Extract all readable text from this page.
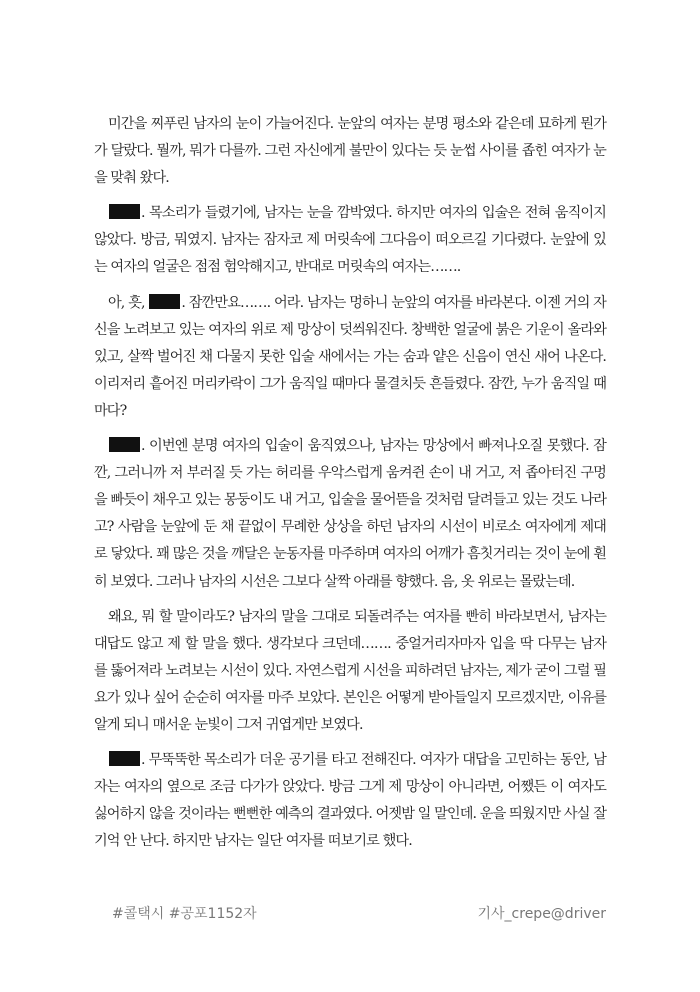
미간을 찌푸린 남자의 눈이 가늘어진다. 눈앞의 여자는 분명 평소와 같은데 묘하게 뭔가가 달랐다. 뭘까, 뭐가 다를까. 그런 자신에게 불만이 있다는 듯 눈썹 사이를 좁힌 여자가 눈을 맞춰 왔다.

. 목소리가 들렸기에, 남자는 눈을 깜박였다. 하지만 여자의 입술은 전혀 움직이지 않았다. 방금, 뭐였지. 남자는 잠자코 제 머릿속에 그다음이 떠오르길 기다렸다. 눈앞에 있는 여자의 얼굴은 점점 험악해지고, 반대로 머릿속의 여자는…….

아, 흣, . 잠깐만요……. 어라. 남자는 멍하니 눈앞의 여자를 바라본다. 이젠 거의 자신을 노려보고 있는 여자의 위로 제 망상이 덧씌워진다. 창백한 얼굴에 붉은 기운이 올라와 있고, 살짝 벌어진 채 다물지 못한 입술 새에서는 가는 숨과 얕은 신음이 연신 새어 나온다. 이리저리 흩어진 머리카락이 그가 움직일 때마다 물결치듯 흔들렸다. 잠깐, 누가 움직일 때마다?

. 이번엔 분명 여자의 입술이 움직였으나, 남자는 망상에서 빠져나오질 못했다. 잠깐, 그러니까 저 부러질 듯 가는 허리를 우악스럽게 움켜쥔 손이 내 거고, 저 좁아터진 구멍을 빠듯이 채우고 있는 몽둥이도 내 거고, 입술을 물어뜯을 것처럼 달려들고 있는 것도 나라고? 사람을 눈앞에 둔 채 끝없이 무례한 상상을 하던 남자의 시선이 비로소 여자에게 제대로 닿았다. 꽤 많은 것을 깨달은 눈동자를 마주하며 여자의 어깨가 흠칫거리는 것이 눈에 훤히 보였다. 그러나 남자의 시선은 그보다 살짝 아래를 향했다. 음, 옷 위로는 몰랐는데.

왜요, 뭐 할 말이라도? 남자의 말을 그대로 되돌려주는 여자를 빤히 바라보면서, 남자는 대답도 않고 제 할 말을 했다. 생각보다 크던데……. 중얼거리자마자 입을 딱 다무는 남자를 뚫어져라 노려보는 시선이 있다. 자연스럽게 시선을 피하려던 남자는, 제가 굳이 그럴 필요가 있나 싶어 순순히 여자를 마주 보았다. 본인은 어떻게 받아들일지 모르겠지만, 이유를 알게 되니 매서운 눈빛이 그저 귀엽게만 보였다.

. 무뚝뚝한 목소리가 더운 공기를 타고 전해진다. 여자가 대답을 고민하는 동안, 남자는 여자의 옆으로 조금 다가가 앉았다. 방금 그게 제 망상이 아니라면, 어쨌든 이 여자도 싫어하지 않을 것이라는 뻔뻔한 예측의 결과였다. 어젯밤 일 말인데. 운을 띄웠지만 사실 잘 기억 안 난다. 하지만 남자는 일단 여자를 떠보기로 했다.

#콜택시 #공포1152자	기사_crepe@driver
